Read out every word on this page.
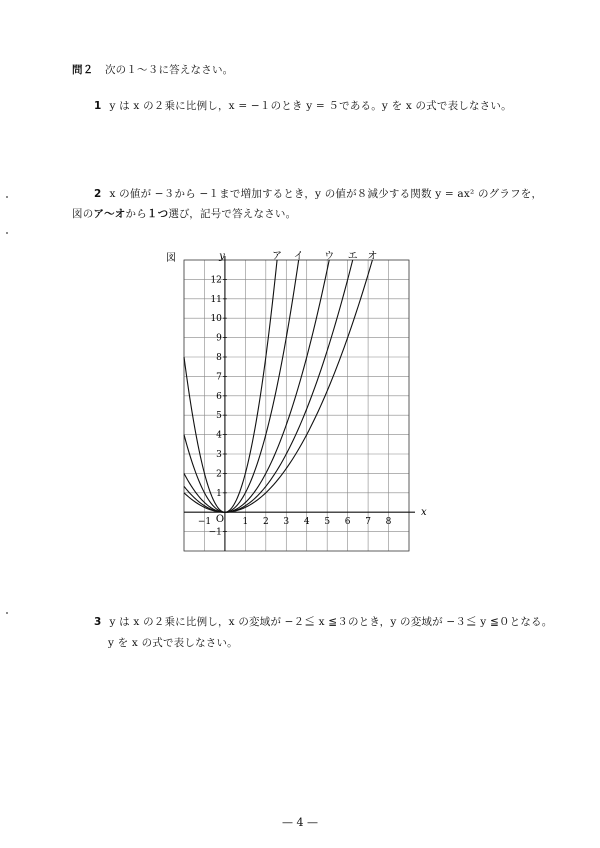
問２ 次の１～３に答えなさい。
1 y は x の２乗に比例し，x = −１のとき y = ５である。y を x の式で表しなさい。
2 x の値が −３から −１まで増加するとき，y の値が８減少する関数 y = ax² のグラフを，
図のア～オから１つ選び，記号で答えなさい。
図
−1	1 2 3 4 5 6 7 8
−1
1
2
3
4
5
6
7
8
9
10
11
12
ア イ ウ エ オ
y
x
O
3 y は x の２乗に比例し，x の変域が −２≦ x ≦３のとき，y の変域が −３≦ y ≦０となる。
y を x の式で表しなさい。
— 4 —
